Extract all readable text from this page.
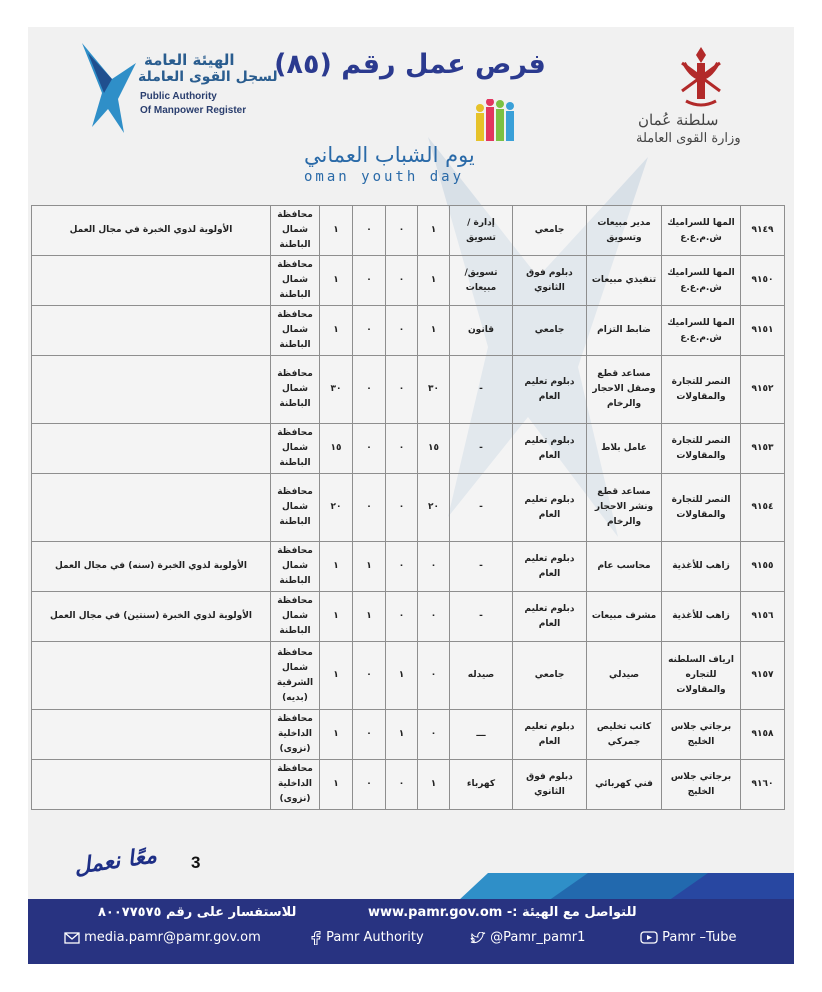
سلطنة عُمان
وزارة القوى العاملة
فرص عمل رقم (٨٥)
الهيئة العامة
لسجل القوى العاملة
Public Authority
Of Manpower Register
يوم الشباب العماني
oman youth day
٩١٤٩	المها للسراميك ش.م.ع.ع	مدير مبيعات وتسويق	جامعي	إدارة / تسويق	١	٠	٠	١	محافظة شمال الباطنة	الأولوية لذوي الخبرة في مجال العمل
٩١٥٠	المها للسراميك ش.م.ع.ع	تنفيذي مبيعات	دبلوم فوق الثانوي	تسويق/ مبيعات	١	٠	٠	١	محافظة شمال الباطنة	
٩١٥١	المها للسراميك ش.م.ع.ع	ضابط التزام	جامعي	قانون	١	٠	٠	١	محافظة شمال الباطنة	
٩١٥٢	النصر للتجارة والمقاولات	مساعد قطع وصقل الاحجار والرخام	دبلوم تعليم العام	-	٣٠	٠	٠	٣٠	محافظة شمال الباطنة	
٩١٥٣	النصر للتجارة والمقاولات	عامل بلاط	دبلوم تعليم العام	-	١٥	٠	٠	١٥	محافظة شمال الباطنة	
٩١٥٤	النصر للتجارة والمقاولات	مساعد قطع ونشر الاحجار والرخام	دبلوم تعليم العام	-	٢٠	٠	٠	٢٠	محافظة شمال الباطنة	
٩١٥٥	زاهب للأغذية	محاسب عام	دبلوم تعليم العام	-	٠	٠	١	١	محافظة شمال الباطنة	الأولوية لذوي الخبرة (سنه) في مجال العمل
٩١٥٦	زاهب للأغذية	مشرف مبيعات	دبلوم تعليم العام	-	٠	٠	١	١	محافظة شمال الباطنة	الأولوية لذوي الخبرة (سنتين) في مجال العمل
٩١٥٧	ارياف السلطنه للتجاره والمقاولات	صيدلي	جامعي	صيدله	٠	١	٠	١	محافظة شمال الشرقية (بديه)	
٩١٥٨	برجاتي جلاس الخليج	كاتب تخليص جمركي	دبلوم تعليم العام	ـــ	٠	١	٠	١	محافظة الداخلية (نزوى)	
٩١٦٠	برجاتي جلاس الخليج	فني كهربائي	دبلوم فوق الثانوي	كهرباء	١	٠	٠	١	محافظة الداخلية (نزوى)	
3
معًا نعمل
للتواصل مع الهيئة :- www.pamr.gov.om
للاستفسار على رقم ٨٠٠٧٧٥٧٥
media.pamr@pamr.gov.om	Pamr Authority	@Pamr_pamr1	Pamr –Tube
